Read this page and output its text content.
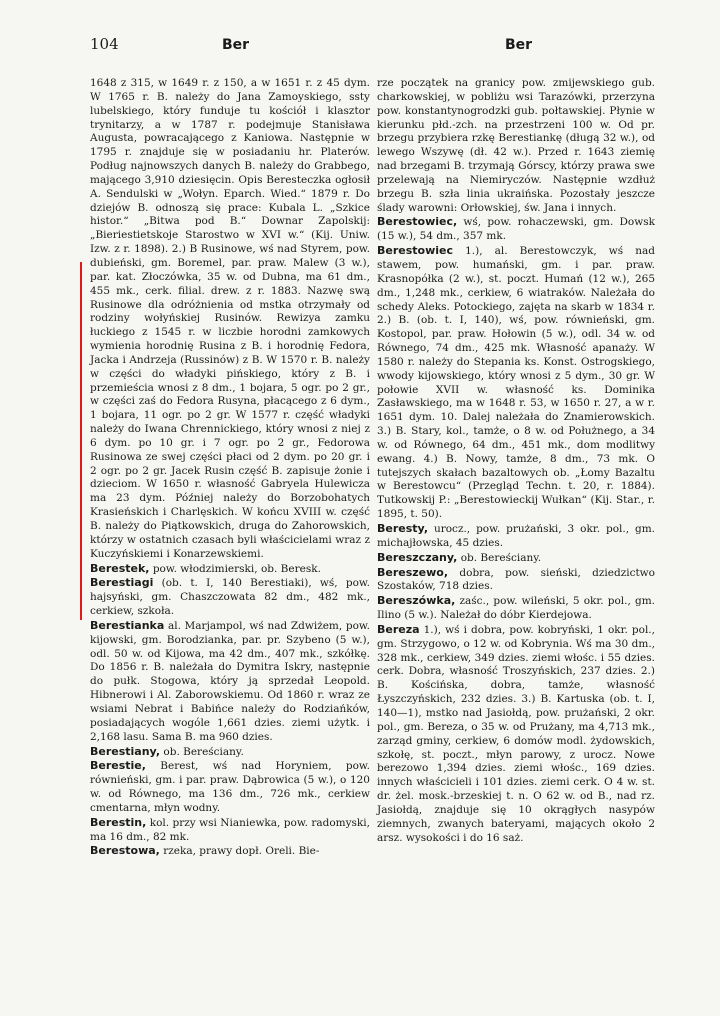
104	Ber	Ber

1648 z 315, w 1649 r. z 150, a w 1651 r. z 45 dym. W 1765 r. B. należy do Jana Zamoyskiego, ssty lubelskiego, który funduje tu kościół i klasztor trynitarzy, a w 1787 r. podejmuje Stanisława Augusta, powracającego z Kaniowa. Następnie w 1795 r. znajduje się w posiadaniu hr. Platerów. Podług najnowszych danych B. należy do Grabbego, mającego 3,910 dziesięcin. Opis Beresteczka ogłosił A. Sendulski w „Wołyn. Eparch. Wied.“ 1879 r. Do dziejów B. odnoszą się prace: Kubala L. „Szkice histor.“ „Bitwa pod B.“ Downar Zapolskij: „Bieriestietskoje Starostwo w XVI w.“ (Kij. Uniw. Izw. z r. 1898). 2.) B Rusinowe, wś nad Styrem, pow. dubieński, gm. Boremel, par. praw. Malew (3 w.), par. kat. Złoczówka, 35 w. od Dubna, ma 61 dm., 455 mk., cerk. filial. drew. z r. 1883. Nazwę swą Rusinowe dla odróżnienia od mstka otrzymały od rodziny wołyńskiej Rusinów. Rewizya zamku łuckiego z 1545 r. w liczbie horodni zamkowych wymienia horodnię Rusina z B. i horodnię Fedora, Jacka i Andrzeja (Russinów) z B. W 1570 r. B. należy w części do władyki pińskiego, który z B. i przemieścia wnosi z 8 dm., 1 bojara, 5 ogr. po 2 gr., w części zaś do Fedora Rusyna, płacącego z 6 dym., 1 bojara, 11 ogr. po 2 gr. W 1577 r. część władyki należy do Iwana Chrennickiego, który wnosi z niej z 6 dym. po 10 gr. i 7 ogr. po 2 gr., Fedorowa Rusinowa ze swej części płaci od 2 dym. po 20 gr. i 2 ogr. po 2 gr. Jacek Rusin część B. zapisuje żonie i dzieciom. W 1650 r. własność Gabryela Hulewicza ma 23 dym. Później należy do Borzobohatych Krasieńskich i Charlęskich. W końcu XVIII w. część B. należy do Piątkowskich, druga do Zahorowskich, którzy w ostatnich czasach byli właścicielami wraz z Kuczyńskiemi i Konarzewskiemi.

Berestek, pow. włodzimierski, ob. Beresk.

Berestiagi (ob. t. I, 140 Berestiaki), wś, pow. hajsyński, gm. Chaszczowata 82 dm., 482 mk., cerkiew, szkoła.

Berestianka al. Marjampol, wś nad Zdwiżem, pow. kijowski, gm. Borodzianka, par. pr. Szybeno (5 w.), odl. 50 w. od Kijowa, ma 42 dm., 407 mk., szkółkę. Do 1856 r. B. należała do Dymitra Iskry, następnie do pułk. Stogowa, który ją sprzedał Leopold. Hibnerowi i Al. Zaborowskiemu. Od 1860 r. wraz ze wsiami Nebrat i Babińce należy do Rodziańków, posiadających wogóle 1,661 dzies. ziemi użytk. i 2,168 lasu. Sama B. ma 960 dzies.

Berestiany, ob. Bereściany.

Berestie, Berest, wś nad Horyniem, pow. równieński, gm. i par. praw. Dąbrowica (5 w.), o 120 w. od Równego, ma 136 dm., 726 mk., cerkiew cmentarna, młyn wodny.

Berestin, kol. przy wsi Nianiewka, pow. radomyski, ma 16 dm., 82 mk.

Berestowa, rzeka, prawy dopł. Oreli. Bie-

rze początek na granicy pow. zmijewskiego gub. charkowskiej, w pobliżu wsi Tarazówki, przerzyna pow. konstantynogrodzki gub. połtawskiej. Płynie w kierunku płd.-zch. na przestrzeni 100 w. Od pr. brzegu przybiera rzkę Berestiankę (długą 32 w.), od lewego Wszywę (dł. 42 w.). Przed r. 1643 ziemię nad brzegami B. trzymają Górscy, którzy prawa swe przelewają na Niemiryczów. Następnie wzdłuż brzegu B. szła linia ukraińska. Pozostały jeszcze ślady warowni: Orłowskiej, św. Jana i innych.

Berestowiec, wś, pow. rohaczewski, gm. Dowsk (15 w.), 54 dm., 357 mk.

Berestowiec 1.), al. Berestowczyk, wś nad stawem, pow. humański, gm. i par. praw. Krasnopółka (2 w.), st. poczt. Humań (12 w.), 265 dm., 1,248 mk., cerkiew, 6 wiatraków. Należała do schedy Aleks. Potockiego, zajęta na skarb w 1834 r. 2.) B. (ob. t. I, 140), wś, pow. równieński, gm. Kostopol, par. praw. Hołowin (5 w.), odl. 34 w. od Równego, 74 dm., 425 mk. Własność apanaży. W 1580 r. należy do Stepania ks. Konst. Ostrogskiego, wwody kijowskiego, który wnosi z 5 dym., 30 gr. W połowie XVII w. własność ks. Dominika Zasławskiego, ma w 1648 r. 53, w 1650 r. 27, a w r. 1651 dym. 10. Dalej należała do Znamierowskich. 3.) B. Stary, kol., tamże, o 8 w. od Połużnego, a 34 w. od Równego, 64 dm., 451 mk., dom modlitwy ewang. 4.) B. Nowy, tamże, 8 dm., 73 mk. O tutejszych skałach bazaltowych ob. „Łomy Bazaltu w Berestowcu“ (Przegląd Techn. t. 20, r. 1884). Tutkowskij P.: „Berestowieckij Wułkan“ (Kij. Star., r. 1895, t. 50).

Beresty, urocz., pow. prużański, 3 okr. pol., gm. michajłowska, 45 dzies.

Bereszczany, ob. Bereściany.

Bereszewo, dobra, pow. sieński, dziedzictwo Szostaków, 718 dzies.

Bereszówka, zaśc., pow. wileński, 5 okr. pol., gm. Ilino (5 w.). Należał do dóbr Kierdejowa.

Bereza 1.), wś i dobra, pow. kobryński, 1 okr. pol., gm. Strzygowo, o 12 w. od Kobrynia. Wś ma 30 dm., 328 mk., cerkiew, 349 dzies. ziemi włośc. i 55 dzies. cerk. Dobra, własność Troszyńskich, 237 dzies. 2.) B. Kościńska, dobra, tamże, własność Łyszczyńskich, 232 dzies. 3.) B. Kartuska (ob. t. I, 140—1), mstko nad Jasiołdą, pow. prużański, 2 okr. pol., gm. Bereza, o 35 w. od Prużany, ma 4,713 mk., zarząd gminy, cerkiew, 6 domów modl. żydowskich, szkołę, st. poczt., młyn parowy, z urocz. Nowe berezowo 1,394 dzies. ziemi włośc., 169 dzies. innych właścicieli i 101 dzies. ziemi cerk. O 4 w. st. dr. żel. mosk.-brzeskiej t. n. O 62 w. od B., nad rz. Jasiołdą, znajduje się 10 okrągłych nasypów ziemnych, zwanych bateryami, mających około 2 arsz. wysokości i do 16 saż.
